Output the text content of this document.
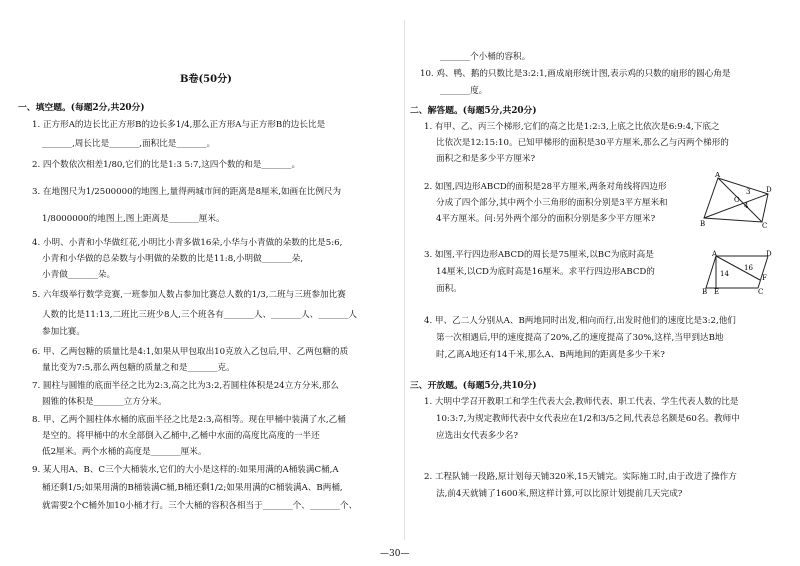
B卷(50分)
一、填空题。(每题2分,共20分)
1. 正方形A的边长比正方形B的边长多1/4,那么正方形A与正方形B的边长比是
_______,周长比是_______,面积比是_______。
2. 四个数依次相差1/80,它们的比是1:3 5:7,这四个数的和是_______。
3. 在地图尺为1/2500000的地图上,量得两城市间的距离是8厘米,如画在比例尺为
1/8000000的地图上,图上距离是_______厘米。
4. 小明、小青和小华做红花,小明比小青多做16朵,小华与小青做的朵数的比是5:6,
小青和小华做的总朵数与小明做的朵数的比是11:8,小明做_______朵,
小青做_______朵。
5. 六年级举行数学竞赛,一班参加人数占参加比赛总人数的1/3,二班与三班参加比赛
人数的比是11:13,二班比三班少8人,三个班各有_______人、_______人、_______人
参加比赛。
6. 甲、乙两包糖的质量比是4:1,如果从甲包取出10克放入乙包后,甲、乙两包糖的质
量比变为7:5,那么两包糖的质量之和是_______克。
7. 圆柱与圆锥的底面半径之比为2:3,高之比为3:2,若圆柱体积是24立方分米,那么
圆锥的体积是_______立方分米。
8. 甲、乙两个圆柱体水桶的底面半径之比是2:3,高相等。现在甲桶中装满了水,乙桶
是空的。将甲桶中的水全部倒入乙桶中,乙桶中水面的高度比高度的一半还
低2厘米。两个水桶的高度是_______厘米。
9. 某人用A、B、C三个大桶装水,它们的大小是这样的:如果用满的A桶装满C桶,A
桶还剩1/5;如果用满的B桶装满C桶,B桶还剩1/2;如果用满的C桶装满A、B两桶,
就需要2个C桶外加10小桶才行。三个大桶的容积各相当于_______个、_______个、
_______个小桶的容积。
10. 鸡、鸭、鹅的只数比是3:2:1,画成扇形统计图,表示鸡的只数的扇形的圆心角是
_______度。
二、解答题。(每题5分,共20分)
1. 有甲、乙、丙三个梯形,它们的高之比是1:2:3,上底之比依次是6:9:4,下底之
比依次是12:15:10。已知甲梯形的面积是30平方厘米,那么乙与丙两个梯形的
面积之和是多少平方厘米?
2. 如图,四边形ABCD的面积是28平方厘米,两条对角线将四边形
分成了四个部分,其中两个小三角形的面积分别是3平方厘米和
4平方厘米。问:另外两个部分的面积分别是多少平方厘米?
A
B	C
D
O
3
4
3. 如图,平行四边形ABCD的周长是75厘米,以BC为底时高是
14厘米,以CD为底时高是16厘米。求平行四边形ABCD的
面积。
A
B	C
D
E
F
14
16
4. 甲、乙二人分别从A、B两地同时出发,相向而行,出发时他们的速度比是3:2,他们
第一次相遇后,甲的速度提高了20%,乙的速度提高了30%,这样,当甲到达B地
时,乙离A地还有14千米,那么A、B两地间的距离是多少千米?
三、开放题。(每题5分,共10分)
1. 大明中学召开教职工和学生代表大会,教师代表、职工代表、学生代表人数的比是
10:3:7,为规定教师代表中女代表应在1/2和3/5之间,代表总名额是60名。教师中
应选出女代表多少名?
2. 工程队铺一段路,原计划每天铺320米,15天铺完。实际施工时,由于改进了操作方
法,前4天就铺了1600米,照这样计算,可以比原计划提前几天完成?
—30—
